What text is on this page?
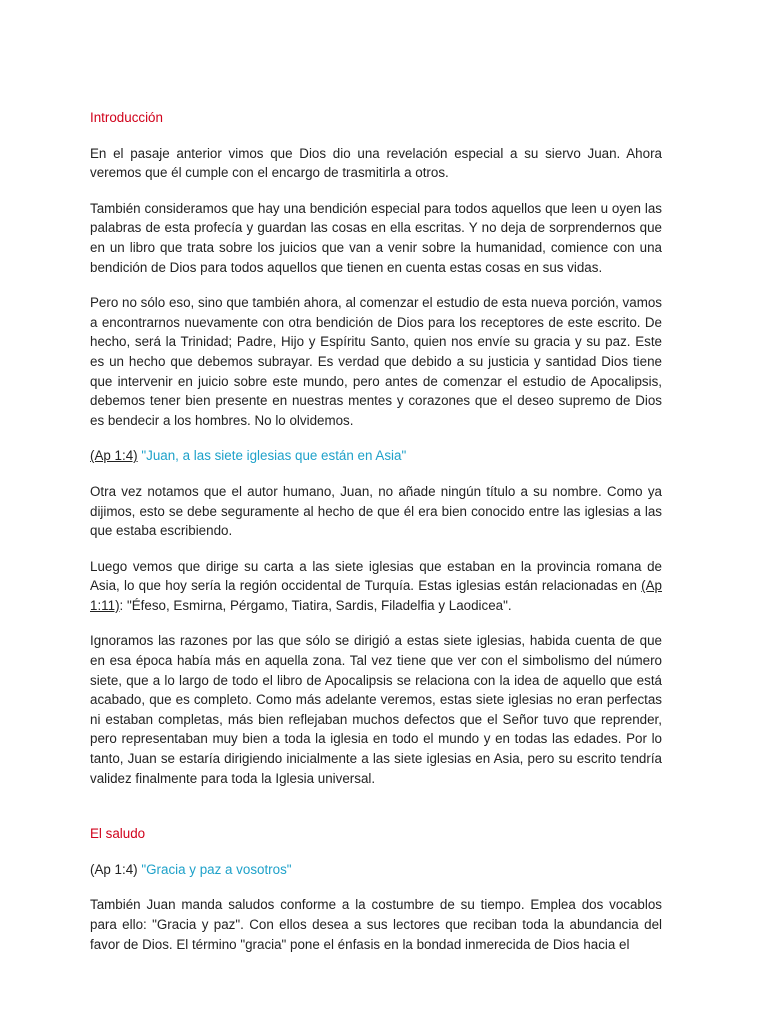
Introducción

En el pasaje anterior vimos que Dios dio una revelación especial a su siervo Juan. Ahora veremos que él cumple con el encargo de trasmitirla a otros.

También consideramos que hay una bendición especial para todos aquellos que leen u oyen las palabras de esta profecía y guardan las cosas en ella escritas. Y no deja de sorprendernos que en un libro que trata sobre los juicios que van a venir sobre la humanidad, comience con una bendición de Dios para todos aquellos que tienen en cuenta estas cosas en sus vidas.

Pero no sólo eso, sino que también ahora, al comenzar el estudio de esta nueva porción, vamos a encontrarnos nuevamente con otra bendición de Dios para los receptores de este escrito. De hecho, será la Trinidad; Padre, Hijo y Espíritu Santo, quien nos envíe su gracia y su paz. Este es un hecho que debemos subrayar. Es verdad que debido a su justicia y santidad Dios tiene que intervenir en juicio sobre este mundo, pero antes de comenzar el estudio de Apocalipsis, debemos tener bien presente en nuestras mentes y corazones que el deseo supremo de Dios es bendecir a los hombres. No lo olvidemos.

(Ap 1:4) "Juan, a las siete iglesias que están en Asia"

Otra vez notamos que el autor humano, Juan, no añade ningún título a su nombre. Como ya dijimos, esto se debe seguramente al hecho de que él era bien conocido entre las iglesias a las que estaba escribiendo.

Luego vemos que dirige su carta a las siete iglesias que estaban en la provincia romana de Asia, lo que hoy sería la región occidental de Turquía. Estas iglesias están relacionadas en (Ap 1:11): "Éfeso, Esmirna, Pérgamo, Tiatira, Sardis, Filadelfia y Laodicea".

Ignoramos las razones por las que sólo se dirigió a estas siete iglesias, habida cuenta de que en esa época había más en aquella zona. Tal vez tiene que ver con el simbolismo del número siete, que a lo largo de todo el libro de Apocalipsis se relaciona con la idea de aquello que está acabado, que es completo. Como más adelante veremos, estas siete iglesias no eran perfectas ni estaban completas, más bien reflejaban muchos defectos que el Señor tuvo que reprender, pero representaban muy bien a toda la iglesia en todo el mundo y en todas las edades. Por lo tanto, Juan se estaría dirigiendo inicialmente a las siete iglesias en Asia, pero su escrito tendría validez finalmente para toda la Iglesia universal.

El saludo
(Ap 1:4) "Gracia y paz a vosotros"

También Juan manda saludos conforme a la costumbre de su tiempo. Emplea dos vocablos para ello: "Gracia y paz". Con ellos desea a sus lectores que reciban toda la abundancia del favor de Dios. El término "gracia" pone el énfasis en la bondad inmerecida de Dios hacia el
